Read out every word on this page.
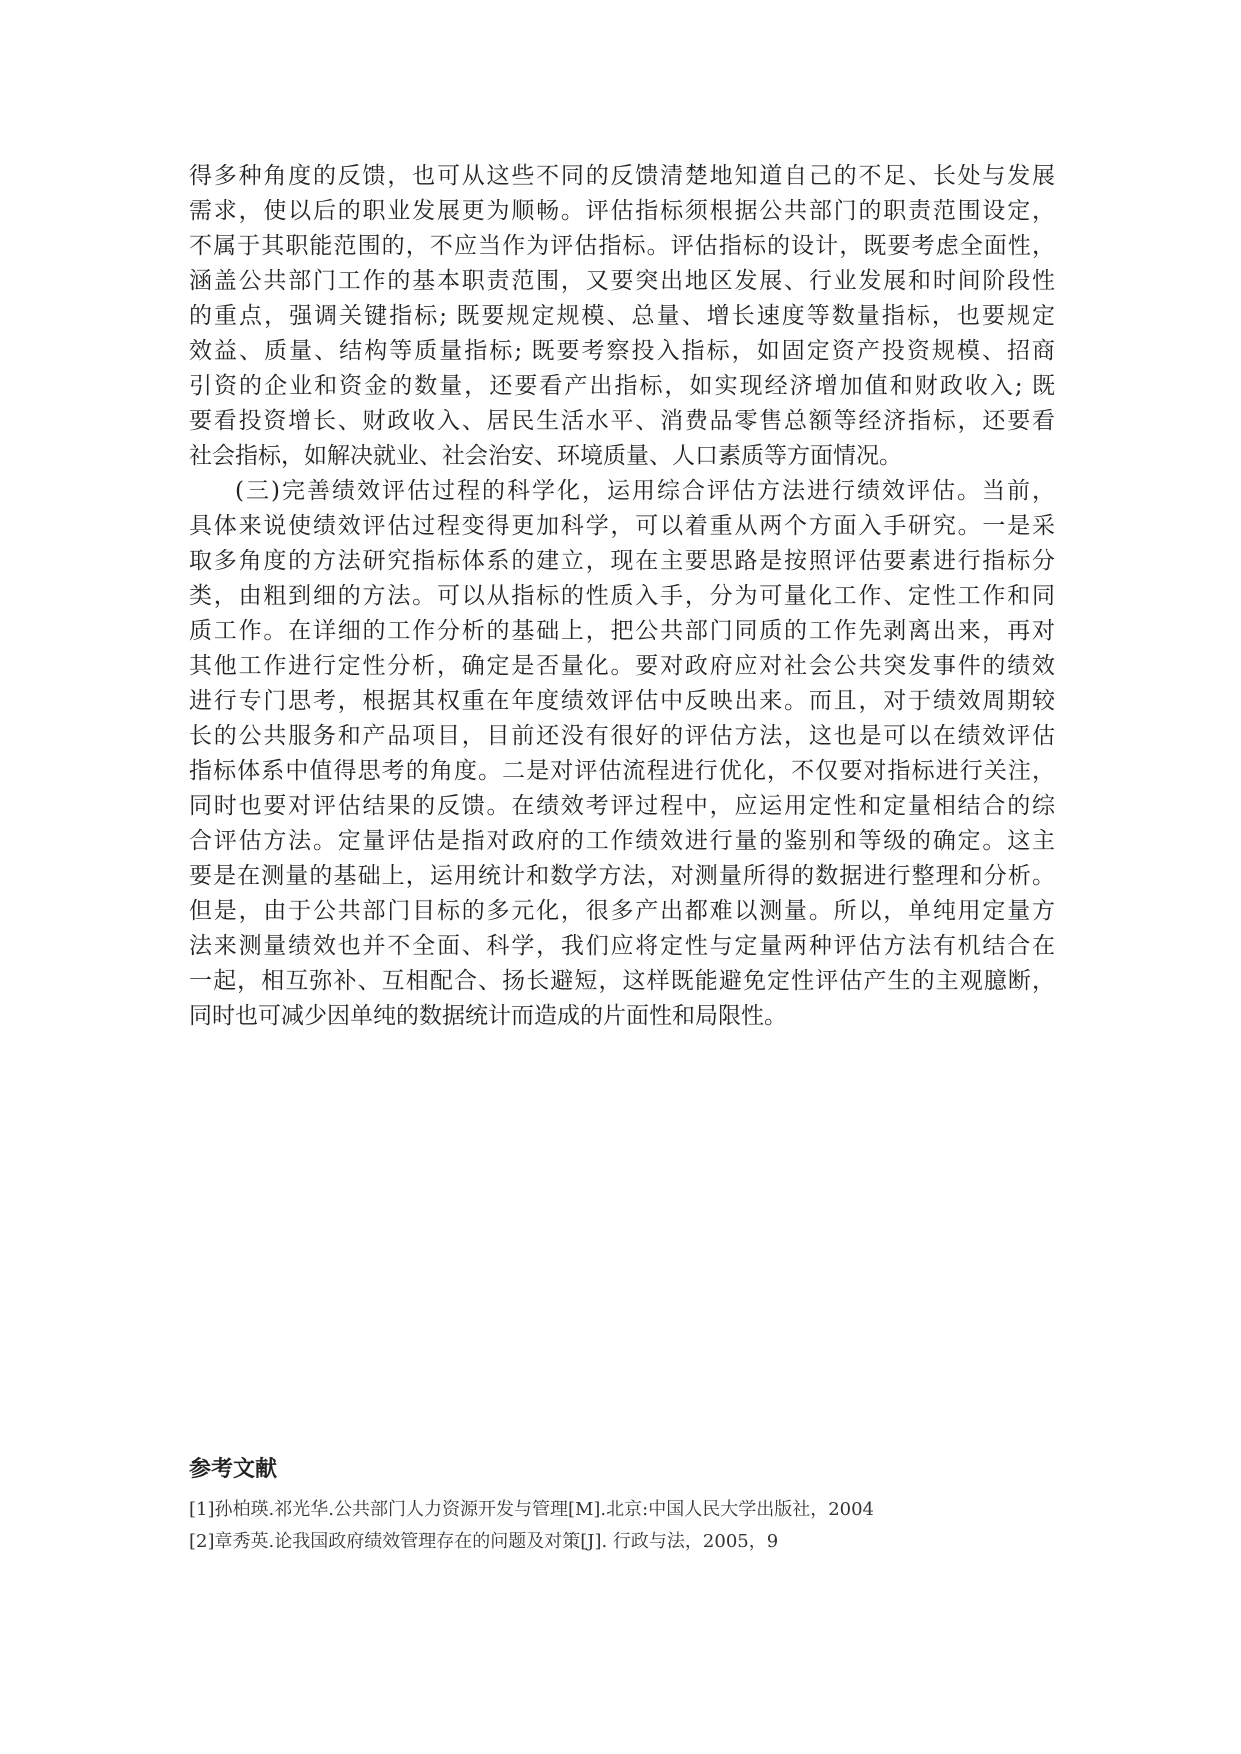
得多种角度的反馈，也可从这些不同的反馈清楚地知道自己的不足、长处与发展
需求，使以后的职业发展更为顺畅。评估指标须根据公共部门的职责范围设定，
不属于其职能范围的，不应当作为评估指标。评估指标的设计，既要考虑全面性，
涵盖公共部门工作的基本职责范围，又要突出地区发展、行业发展和时间阶段性
的重点，强调关键指标; 既要规定规模、总量、增长速度等数量指标，也要规定
效益、质量、结构等质量指标; 既要考察投入指标，如固定资产投资规模、招商
引资的企业和资金的数量，还要看产出指标，如实现经济增加值和财政收入; 既
要看投资增长、财政收入、居民生活水平、消费品零售总额等经济指标，还要看
社会指标，如解决就业、社会治安、环境质量、人口素质等方面情况。
(三)完善绩效评估过程的科学化，运用综合评估方法进行绩效评估。当前，
具体来说使绩效评估过程变得更加科学，可以着重从两个方面入手研究。一是采
取多角度的方法研究指标体系的建立，现在主要思路是按照评估要素进行指标分
类，由粗到细的方法。可以从指标的性质入手，分为可量化工作、定性工作和同
质工作。在详细的工作分析的基础上，把公共部门同质的工作先剥离出来，再对
其他工作进行定性分析，确定是否量化。要对政府应对社会公共突发事件的绩效
进行专门思考，根据其权重在年度绩效评估中反映出来。而且，对于绩效周期较
长的公共服务和产品项目，目前还没有很好的评估方法，这也是可以在绩效评估
指标体系中值得思考的角度。二是对评估流程进行优化，不仅要对指标进行关注，
同时也要对评估结果的反馈。在绩效考评过程中，应运用定性和定量相结合的综
合评估方法。定量评估是指对政府的工作绩效进行量的鉴别和等级的确定。这主
要是在测量的基础上，运用统计和数学方法，对测量所得的数据进行整理和分析。
但是，由于公共部门目标的多元化，很多产出都难以测量。所以，单纯用定量方
法来测量绩效也并不全面、科学，我们应将定性与定量两种评估方法有机结合在
一起，相互弥补、互相配合、扬长避短，这样既能避免定性评估产生的主观臆断，
同时也可减少因单纯的数据统计而造成的片面性和局限性。
参考文献
[1]孙柏瑛.祁光华.公共部门人力资源开发与管理[M].北京:中国人民大学出版社，2004
[2]章秀英.论我国政府绩效管理存在的问题及对策[J]. 行政与法，2005，9
